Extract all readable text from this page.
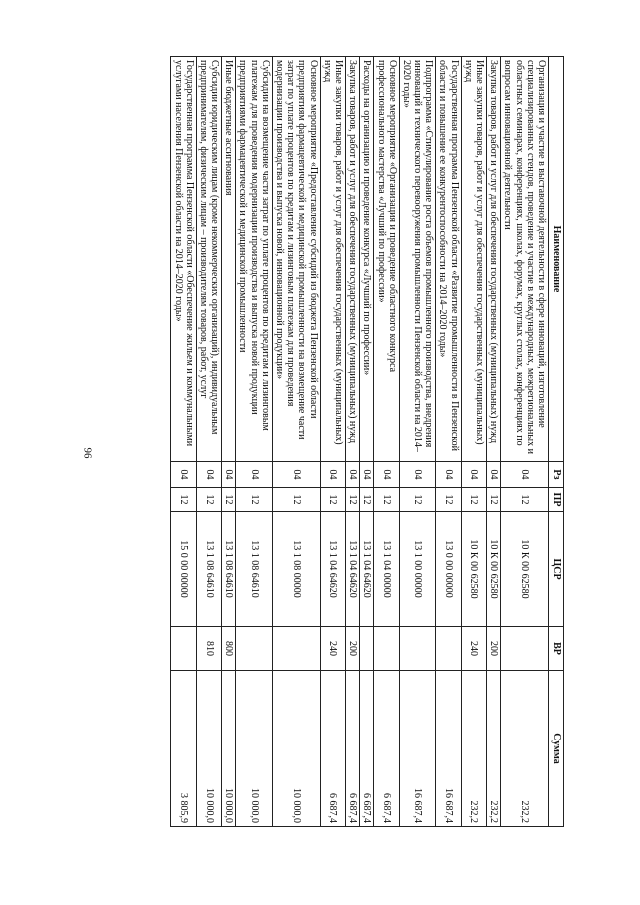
96
Наименование	Рз	ПР	ЦСР	ВР	Сумма
Организация и участие в выставочной деятельности в сфере инноваций, изготовление специализированных стендов, проведение и участие в международных, межрегиональных и областных семинарах, конференциях, школах, форумах, круглых столах, конференциях по вопросам инновационной деятельности	04	12	10 К 00 62580		232,2
Закупка товаров, работ и услуг для обеспечения государственных (муниципальных) нужд	04	12	10 К 00 62580	200	232,2
Иные закупки товаров, работ и услуг для обеспечения государственных (муниципальных) нужд	04	12	10 К 00 62580	240	232,2
Государственная программа Пензенской области «Развитие промышленности в Пензенской области и повышение ее конкурентоспособности на 2014–2020 годы»	04	12	13 0 00 00000		16 687,4
Подпрограмма «Стимулирование роста объемов промышленного производства, внедрения инноваций и технического перевооружения промышленности Пензенской области на 2014–2020 годы»	04	12	13 1 00 00000		16 687,4
Основное мероприятие «Организация и проведение областного конкурса профессионального мастерства «Лучший по профессии»	04	12	13 1 04 00000		6 687,4
Расходы на организацию и проведение конкурса «Лучший по профессии»	04	12	13 1 04 64620		6 687,4
Закупка товаров, работ и услуг для обеспечения государственных (муниципальных) нужд	04	12	13 1 04 64620	200	6 687,4
Иные закупки товаров, работ и услуг для обеспечения государственных (муниципальных) нужд	04	12	13 1 04 64620	240	6 687,4
Основное мероприятие «Предоставление субсидий из бюджета Пензенской области предприятиям фармацевтической и медицинской промышленности на возмещение части затрат по уплате процентов по кредитам и лизинговым платежам для проведения модернизации производства и выпуска новой, инновационной продукции»	04	12	13 1 08 00000		10 000,0
Субсидии на возмещение части затрат по уплате процентов по кредитам и лизинговым платежам для проведения модернизации производства и выпуска новой продукции предприятиями фармацевтической и медицинской промышленности	04	12	13 1 08 64610		10 000,0
Иные бюджетные ассигнования	04	12	13 1 08 64610	800	10 000,0
Субсидии юридическим лицам (кроме некоммерческих организаций), индивидуальным предпринимателям, физическим лицам – производителям товаров, работ, услуг	04	12	13 1 08 64610	810	10 000,0
Государственная программа Пензенской области «Обеспечение жильем и коммунальными услугами населения Пензенской области на 2014–2020 годы»	04	12	15 0 00 00000		3 805,9
